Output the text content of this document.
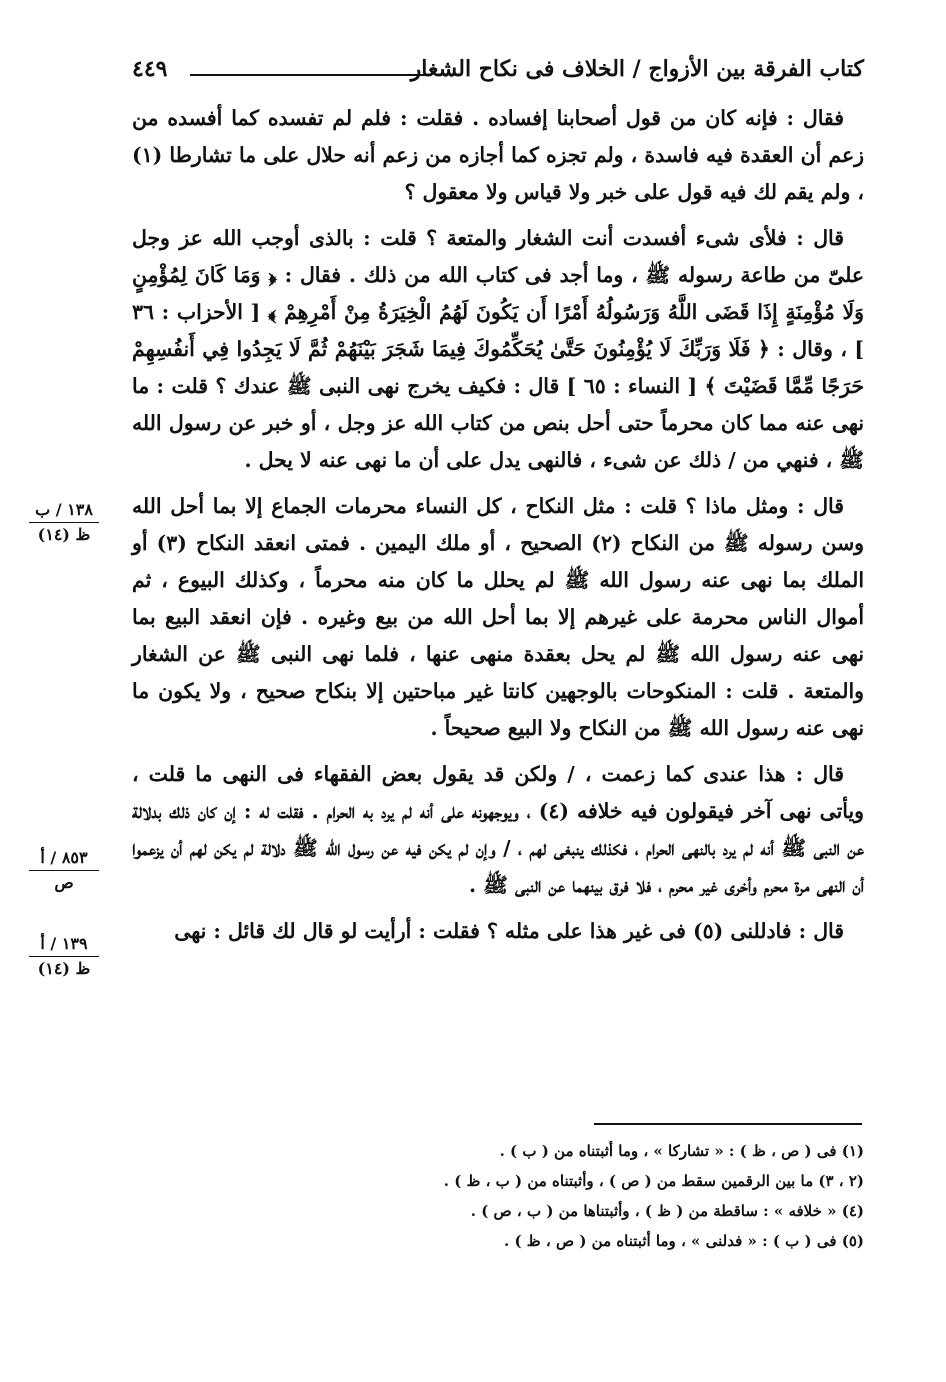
كتاب الفرقة بين الأزواج / الخلاف فى نكاح الشغار
٤٤٩

فقال : فإنه كان من قول أصحابنا إفساده . فقلت : فلم لم تفسده كما أفسده من زعم أن العقدة فيه فاسدة ، ولم تجزه كما أجازه من زعم أنه حلال على ما تشارطا (١) ، ولم يقم لك فيه قول على خبر ولا قياس ولا معقول ؟

قال : فلأى شىء أفسدت أنت الشغار والمتعة ؟ قلت : بالذى أوجب الله عز وجل علىّ من طاعة رسوله ﷺ ، وما أجد فى كتاب الله من ذلك . فقال : ﴿ وَمَا كَانَ لِمُؤْمِنٍ وَلَا مُؤْمِنَةٍ إِذَا قَضَى اللَّهُ وَرَسُولُهُ أَمْرًا أَن يَكُونَ لَهُمُ الْخِيَرَةُ مِنْ أَمْرِهِمْ ﴾ [ الأحزاب : ٣٦ ] ، وقال : ﴿ فَلَا وَرَبِّكَ لَا يُؤْمِنُونَ حَتَّىٰ يُحَكِّمُوكَ فِيمَا شَجَرَ بَيْنَهُمْ ثُمَّ لَا يَجِدُوا فِي أَنفُسِهِمْ حَرَجًا مِّمَّا قَضَيْتَ ﴾ [ النساء : ٦٥ ] قال : فكيف يخرج نهى النبى ﷺ عندك ؟ قلت : ما نهى عنه مما كان محرماً حتى أحل بنص من كتاب الله عز وجل ، أو خبر عن رسول الله ﷺ ، فنهي من / ذلك عن شىء ، فالنهى يدل على أن ما نهى عنه لا يحل .

قال : ومثل ماذا ؟ قلت : مثل النكاح ، كل النساء محرمات الجماع إلا بما أحل الله وسن رسوله ﷺ من النكاح (٢) الصحيح ، أو ملك اليمين . فمتى انعقد النكاح (٣) أو الملك بما نهى عنه رسول الله ﷺ لم يحلل ما كان منه محرماً ، وكذلك البيوع ، ثم أموال الناس محرمة على غيرهم إلا بما أحل الله من بيع وغيره . فإن انعقد البيع بما نهى عنه رسول الله ﷺ لم يحل بعقدة منهى عنها ، فلما نهى النبى ﷺ عن الشغار والمتعة . قلت : المنكوحات بالوجهين كانتا غير مباحتين إلا بنكاح صحيح ، ولا يكون ما نهى عنه رسول الله ﷺ من النكاح ولا البيع صحيحاً .

قال : هذا عندى كما زعمت ، / ولكن قد يقول بعض الفقهاء فى النهى ما قلت ، ويأتى نهى آخر فيقولون فيه خلافه (٤) ، ويوجهونه على أنه لم يرد به الحرام . فقلت له : إن كان ذلك بدلالة عن النبى ﷺ أنه لم يرد بالنهى الحرام ، فكذلك ينبغى لهم ، / وإن لم يكن فيه عن رسول الله ﷺ دلالة لم يكن لهم أن يزعموا أن النهى مرة محرم وأخرى غير محرم ، فلا فرق بينهما عن النبى ﷺ .

قال : فادللنى (٥) فى غير هذا على مثله ؟ فقلت : أرأيت لو قال لك قائل : نهى

١٣٨ / ب
ظ (١٤)
٨٥٣ / أ
ص
١٣٩ / أ
ظ (١٤)
(١) فى ( ص ، ظ ) : « تشاركا » ، وما أثبتناه من ( ب ) .
(٢ ، ٣) ما بين الرقمين سقط من ( ص ) ، وأثبتناه من ( ب ، ظ ) .
(٤) « خلافه » : ساقطة من ( ظ ) ، وأثبتناها من ( ب ، ص ) .
(٥) فى ( ب ) : « فدلنى » ، وما أثبتناه من ( ص ، ظ ) .
